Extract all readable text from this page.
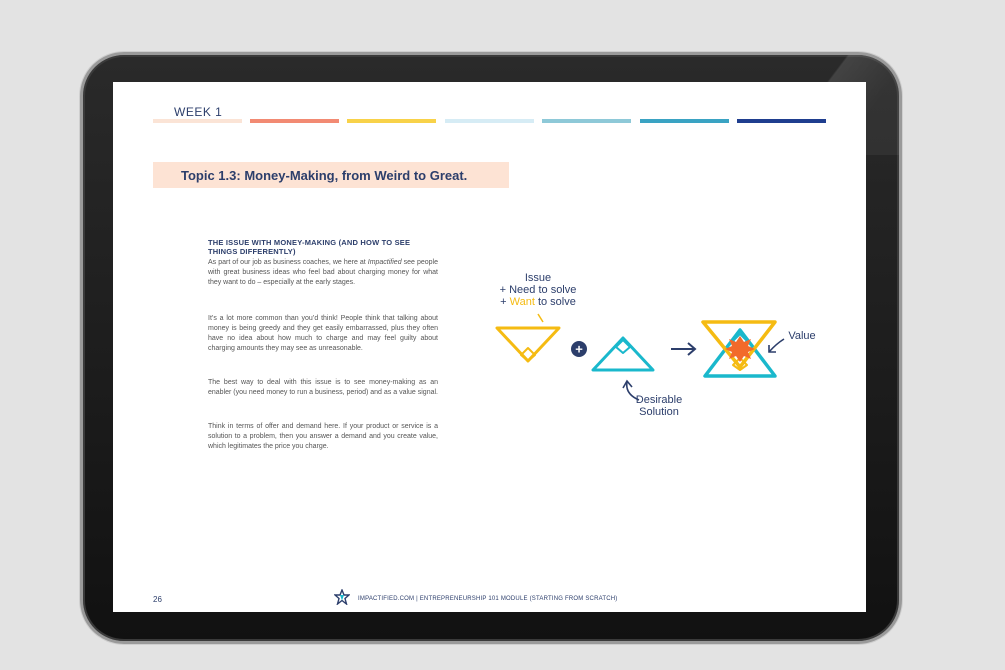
WEEK 1
Topic 1.3: Money-Making, from Weird to Great.
THE ISSUE WITH MONEY-MAKING (AND HOW TO SEE THINGS DIFFERENTLY)
As part of our job as business coaches, we here at Impactified see people with great business ideas who feel bad about charging money for what they want to do – especially at the early stages.
It’s a lot more common than you’d think! People think that talking about money is being greedy and they get easily embarrassed, plus they often have no idea about how much to charge and may feel guilty about charging amounts they may see as unreasonable.
The best way to deal with this issue is to see money-making as an enabler (you need money to run a business, period) and as a value signal.
Think in terms of offer and demand here. If your product or service is a solution to a problem, then you answer a demand and you create value, which legitimates the price you charge.
Issue
+ Need to solve
+ Want to solve
+
Desirable
Solution
Value
26	IMPACTIFIED.COM | ENTREPRENEURSHIP 101 MODULE (STARTING FROM SCRATCH)
